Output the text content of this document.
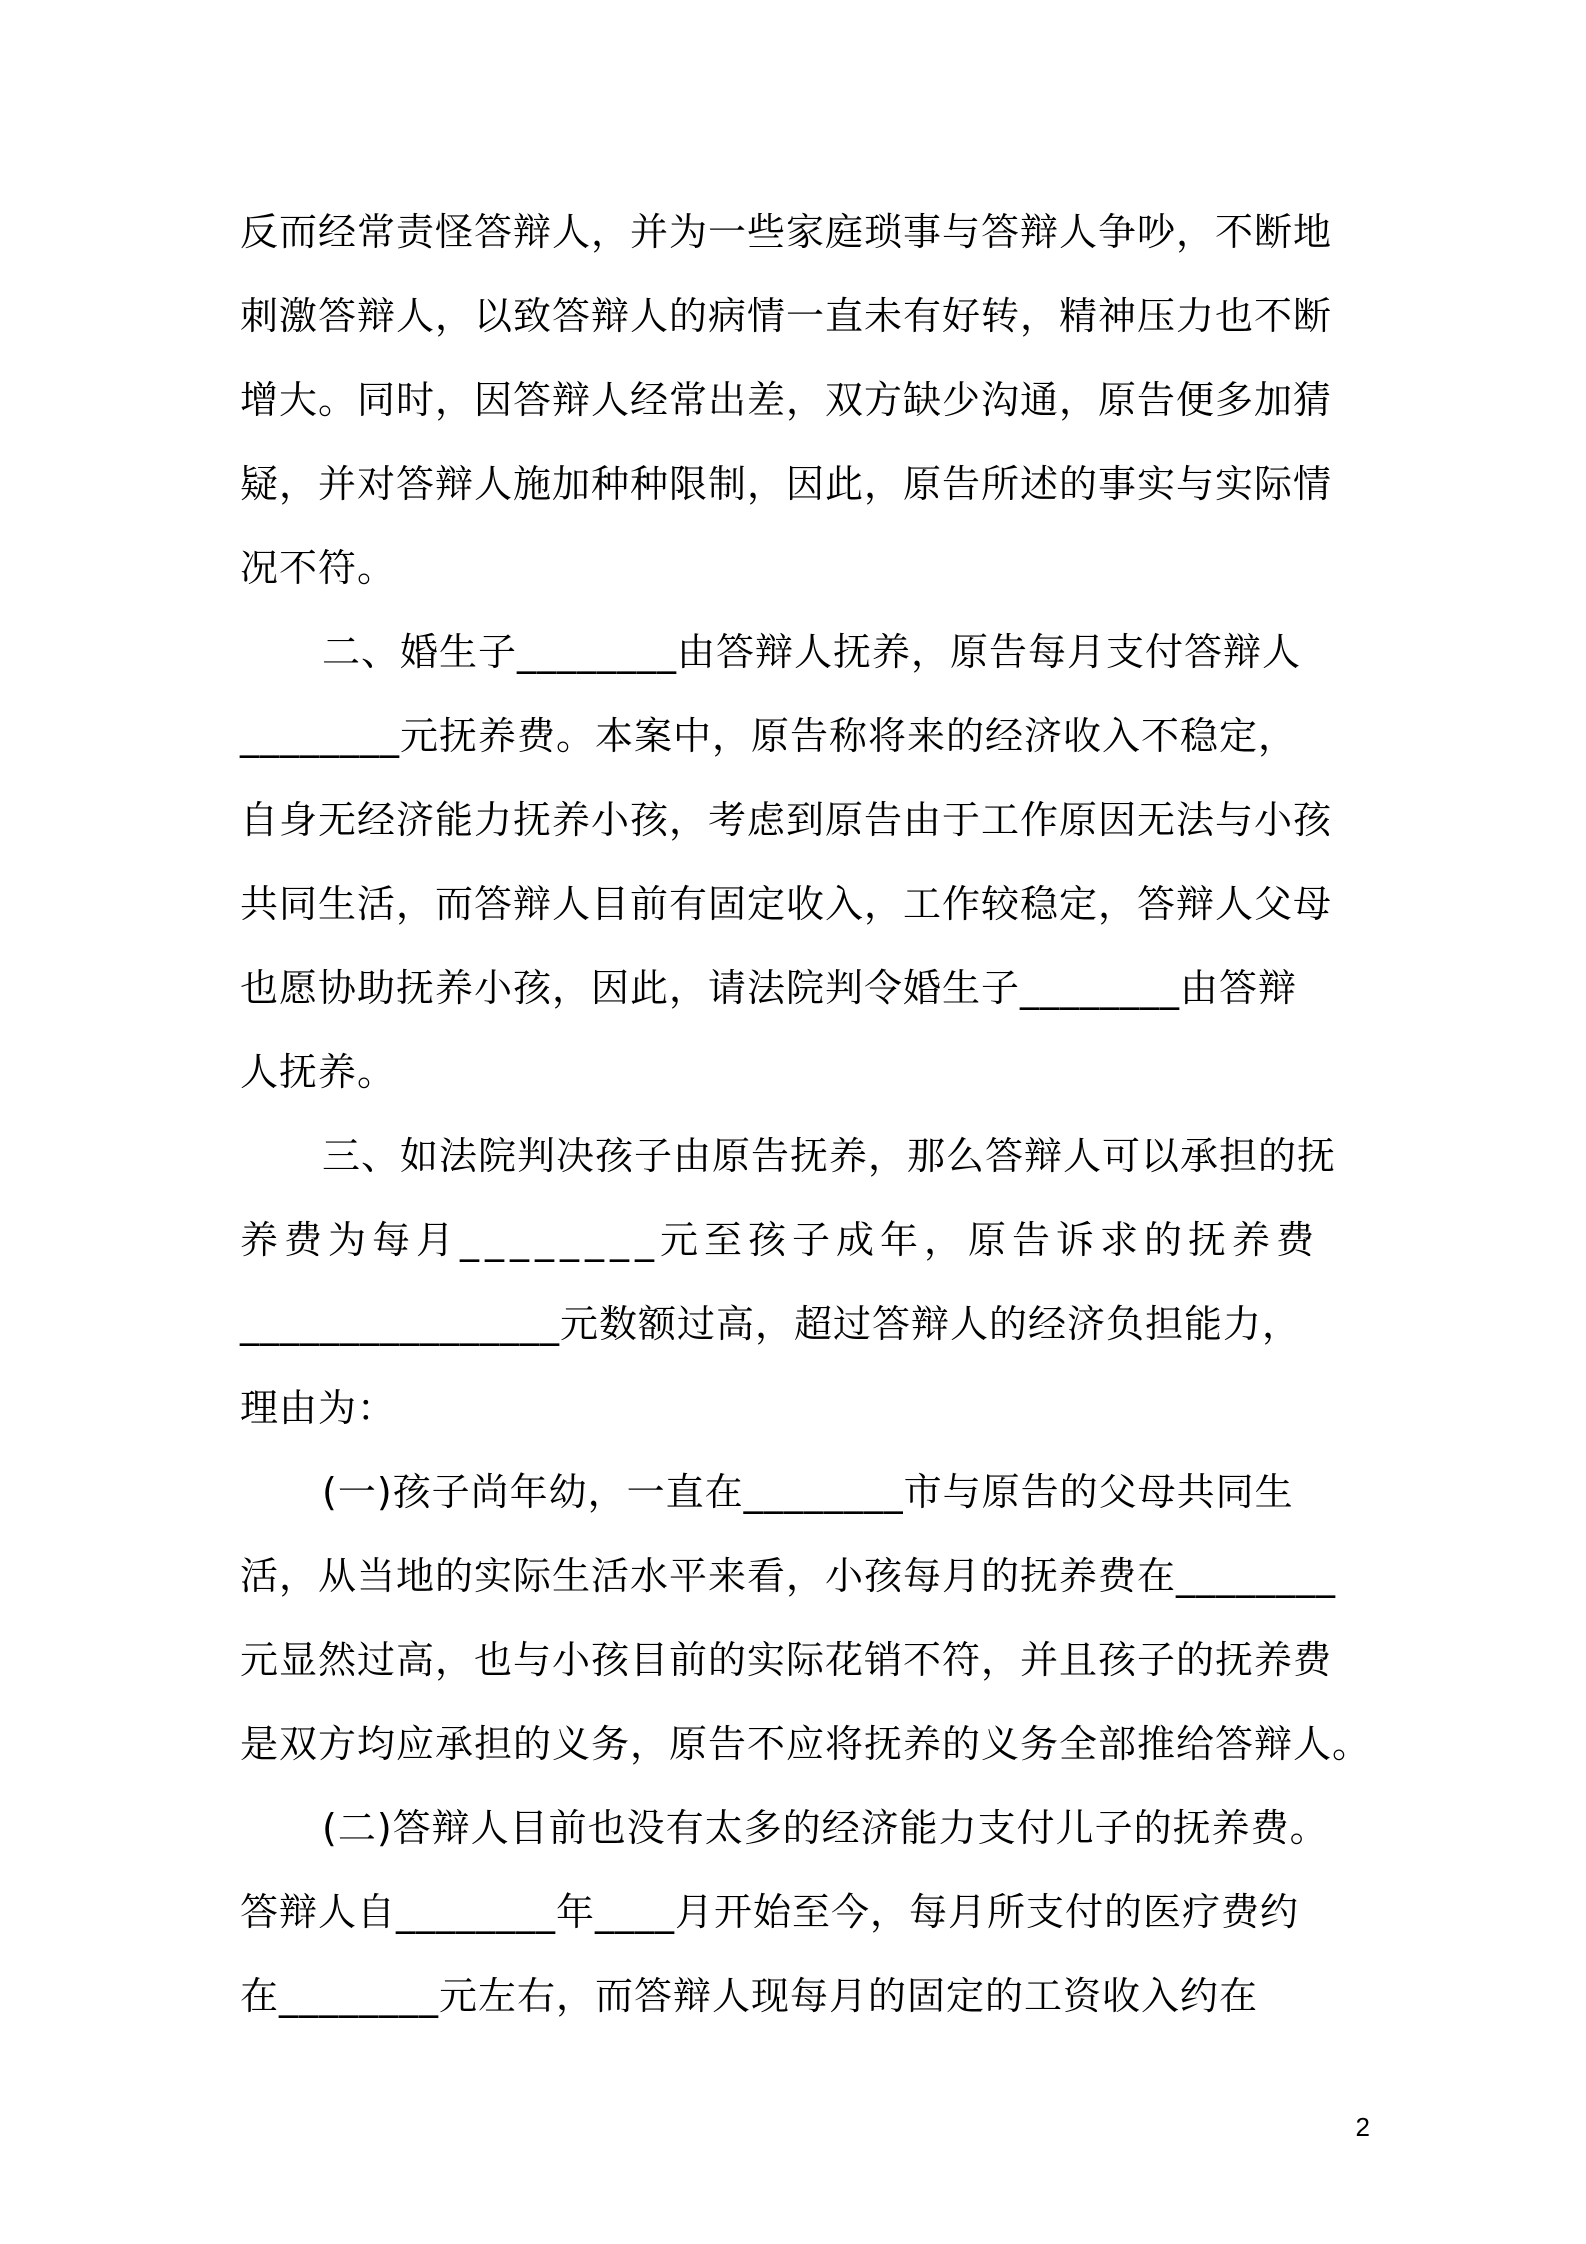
反而经常责怪答辩人，并为一些家庭琐事与答辩人争吵，不断地
刺激答辩人，以致答辩人的病情一直未有好转，精神压力也不断
增大。同时，因答辩人经常出差，双方缺少沟通，原告便多加猜
疑，并对答辩人施加种种限制，因此，原告所述的事实与实际情
况不符。
二、婚生子________由答辩人抚养，原告每月支付答辩人
________元抚养费。本案中，原告称将来的经济收入不稳定，
自身无经济能力抚养小孩，考虑到原告由于工作原因无法与小孩
共同生活，而答辩人目前有固定收入，工作较稳定，答辩人父母
也愿协助抚养小孩，因此，请法院判令婚生子________由答辩
人抚养。
三、如法院判决孩子由原告抚养，那么答辩人可以承担的抚
养费为每月________元至孩子成年，原告诉求的抚养费
________________元数额过高，超过答辩人的经济负担能力，
理由为：
(一)孩子尚年幼，一直在________市与原告的父母共同生
活，从当地的实际生活水平来看，小孩每月的抚养费在________
元显然过高，也与小孩目前的实际花销不符，并且孩子的抚养费
是双方均应承担的义务，原告不应将抚养的义务全部推给答辩人。
(二)答辩人目前也没有太多的经济能力支付儿子的抚养费。
答辩人自________年____月开始至今，每月所支付的医疗费约
在________元左右，而答辩人现每月的固定的工资收入约在
2
